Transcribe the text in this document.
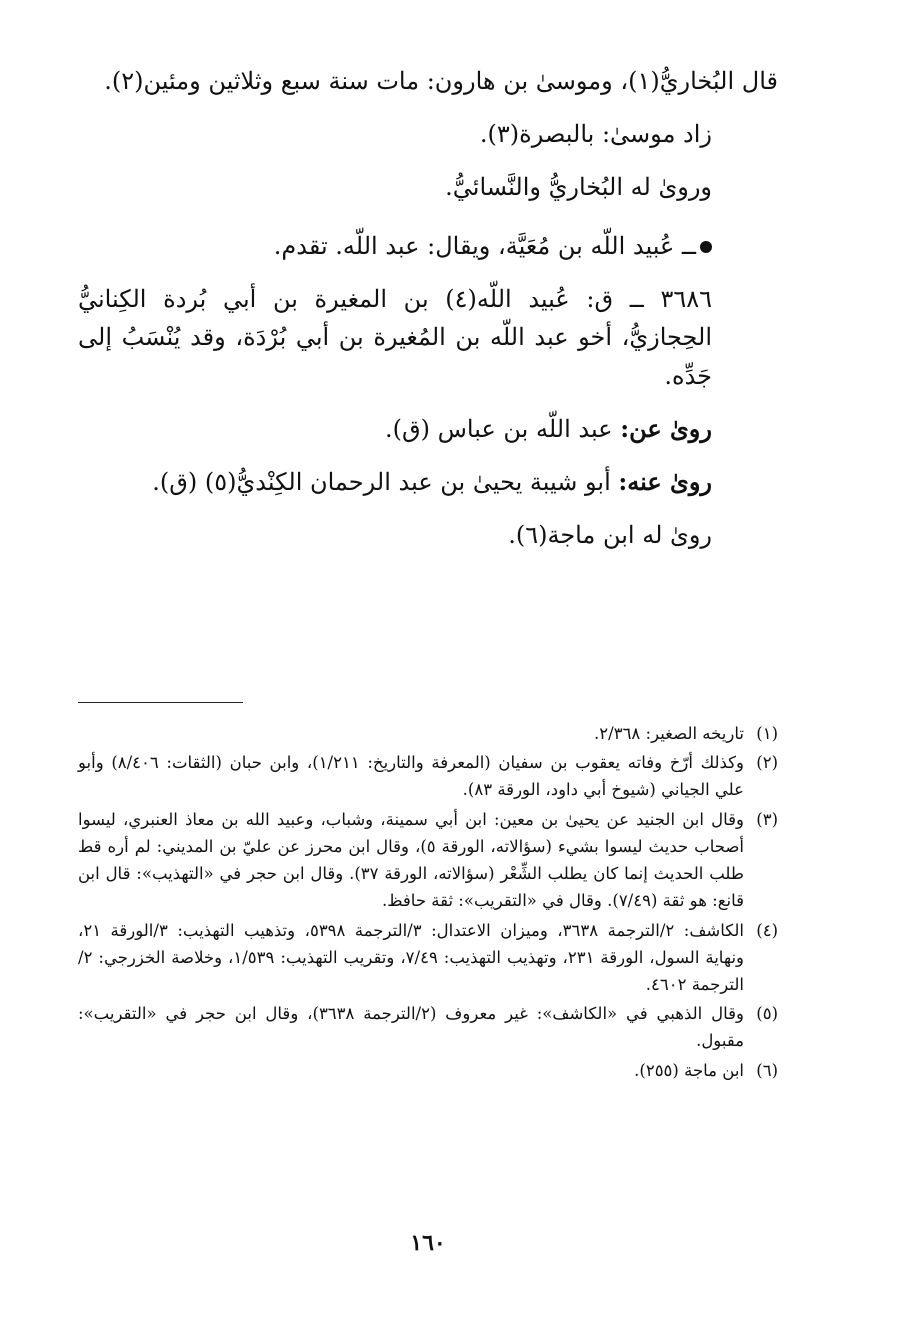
قال البُخاريُّ(١)، وموسىٰ بن هارون: مات سنة سبع وثلاثين ومئين(٢).

زاد موسىٰ: بالبصرة(٣).

وروىٰ له البُخاريُّ والنَّسائيُّ.

ــ عُبيد اللّه بن مُعَيَّة، ويقال: عبد اللّه. تقدم.

٣٦٨٦ ــ ق: عُبيد اللّه(٤) بن المغيرة بن أبي بُردة الكِنانيُّ الحِجازيُّ، أخو عبد اللّه بن المُغيرة بن أبي بُرْدَة، وقد يُنْسَبُ إلى جَدِّه.

روىٰ عن: عبد اللّه بن عباس (ق).

روىٰ عنه: أبو شيبة يحيىٰ بن عبد الرحمان الكِنْديُّ(٥) (ق).

روىٰ له ابن ماجة(٦).

(١)
تاريخه الصغير: ٢/٣٦٨.

(٢)
وكذلك أرّخ وفاته يعقوب بن سفيان (المعرفة والتاريخ: ١/٢١١)، وابن حبان (الثقات: ٨/٤٠٦) وأبو علي الجياني (شيوخ أبي داود، الورقة ٨٣).

(٣)
وقال ابن الجنيد عن يحيىٰ بن معين: ابن أبي سمينة، وشباب، وعبيد الله بن معاذ العنبري، ليسوا أصحاب حديث ليسوا بشيء (سؤالاته، الورقة ٥)، وقال ابن محرز عن عليّ بن المديني: لم أره قط طلب الحديث إنما كان يطلب الشِّعْر (سؤالاته، الورقة ٣٧). وقال ابن حجر في «التهذيب»: قال ابن قانع: هو ثقة (٧/٤٩). وقال في «التقريب»: ثقة حافظ.

(٤)
الكاشف: ٢/الترجمة ٣٦٣٨، وميزان الاعتدال: ٣/الترجمة ٥٣٩٨، وتذهيب التهذيب: ٣/الورقة ٢١، ونهاية السول، الورقة ٢٣١، وتهذيب التهذيب: ٧/٤٩، وتقريب التهذيب: ١/٥٣٩، وخلاصة الخزرجي: ٢/الترجمة ٤٦٠٢.

(٥)
وقال الذهبي في «الكاشف»: غير معروف (٢/الترجمة ٣٦٣٨)، وقال ابن حجر في «التقريب»: مقبول.

(٦)
ابن ماجة (٢٥٥).

١٦٠
